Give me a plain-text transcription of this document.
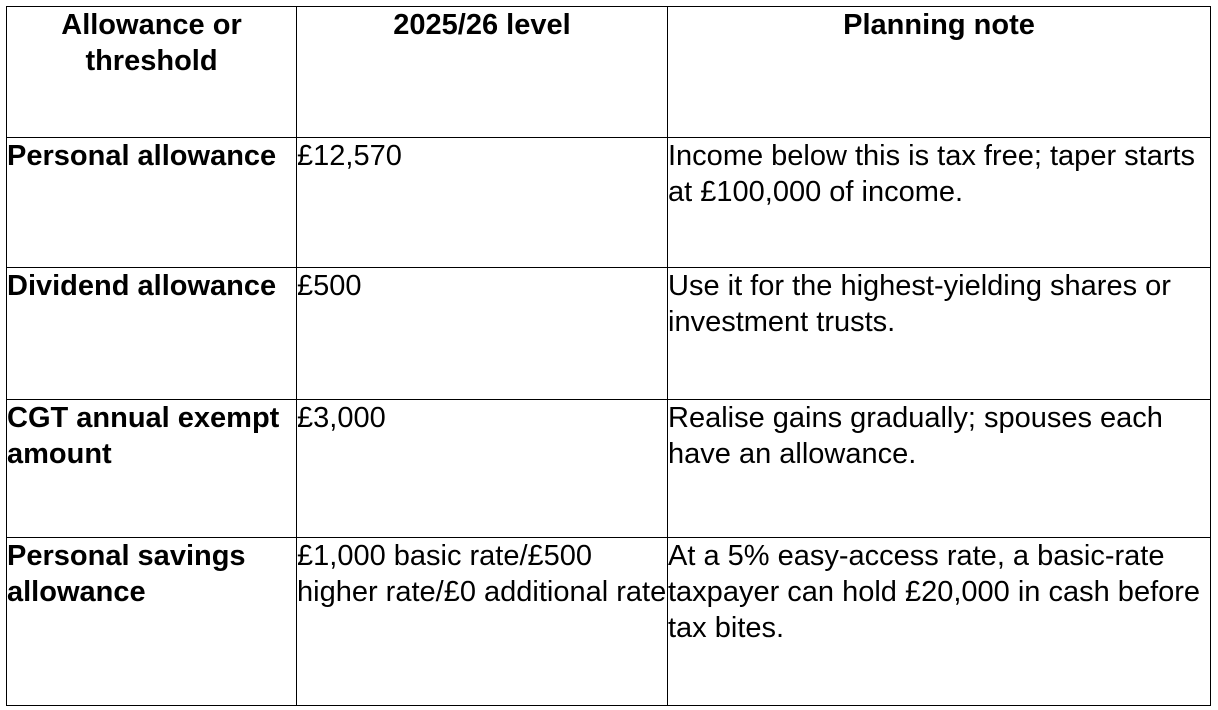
Allowance or threshold	2025/26 level	Planning note
Personal allowance	£12,570	Income below this is tax free; taper starts at £100,000 of income.
Dividend allowance	£500	Use it for the highest-yielding shares or investment trusts.
CGT annual exempt amount	£3,000	Realise gains gradually; spouses each have an allowance.
Personal savings allowance	£1,000 basic rate/£500 higher rate/£0 additional rate	At a 5% easy-access rate, a basic-rate taxpayer can hold £20,000 in cash before tax bites.
